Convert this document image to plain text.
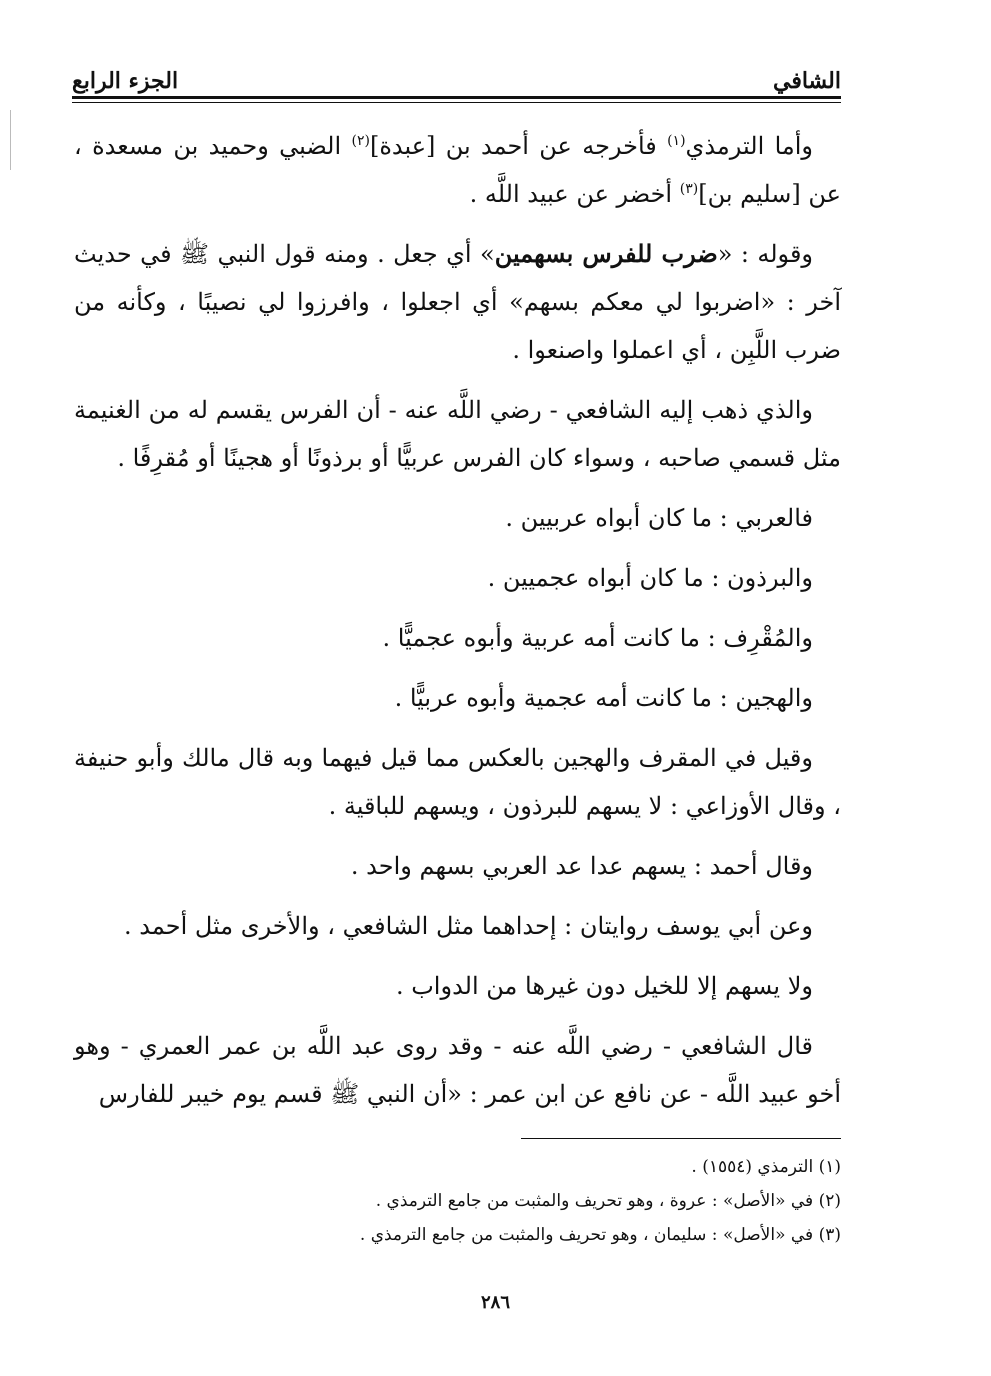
الشافي
الجزء الرابع

وأما الترمذي$^{(١)}$ فأخرجه عن أحمد بن [عبدة]$^{(٢)}$ الضبي وحميد بن مسعدة ، عن [سليم بن]$^{(٣)}$ أخضر عن عبيد اللَّه .

وقوله : «ضرب للفرس بسهمين» أي جعل . ومنه قول النبي ﷺ في حديث آخر : «اضربوا لي معكم بسهم» أي اجعلوا ، وافرزوا لي نصيبًا ، وكأنه من ضرب اللَّبِن ، أي اعملوا واصنعوا .

والذي ذهب إليه الشافعي - رضي اللَّه عنه - أن الفرس يقسم له من الغنيمة مثل قسمي صاحبه ، وسواء كان الفرس عربيًّا أو برذونًا أو هجينًا أو مُقرِفًا .

فالعربي : ما كان أبواه عربيين .

والبرذون : ما كان أبواه عجميين .

والمُقْرِف : ما كانت أمه عربية وأبوه عجميًّا .

والهجين : ما كانت أمه عجمية وأبوه عربيًّا .

وقيل في المقرف والهجين بالعكس مما قيل فيهما وبه قال مالك وأبو حنيفة ، وقال الأوزاعي : لا يسهم للبرذون ، ويسهم للباقية .

وقال أحمد : يسهم عدا عد العربي بسهم واحد .

وعن أبي يوسف روايتان : إحداهما مثل الشافعي ، والأخرى مثل أحمد .

ولا يسهم إلا للخيل دون غيرها من الدواب .

قال الشافعي - رضي اللَّه عنه - وقد روى عبد اللَّه بن عمر العمري - وهو أخو عبيد اللَّه - عن نافع عن ابن عمر : «أن النبي ﷺ قسم يوم خيبر للفارس

(١) الترمذي (١٥٥٤) .

(٢) في «الأصل» : عروة ، وهو تحريف والمثبت من جامع الترمذي .

(٣) في «الأصل» : سليمان ، وهو تحريف والمثبت من جامع الترمذي .

٢٨٦
